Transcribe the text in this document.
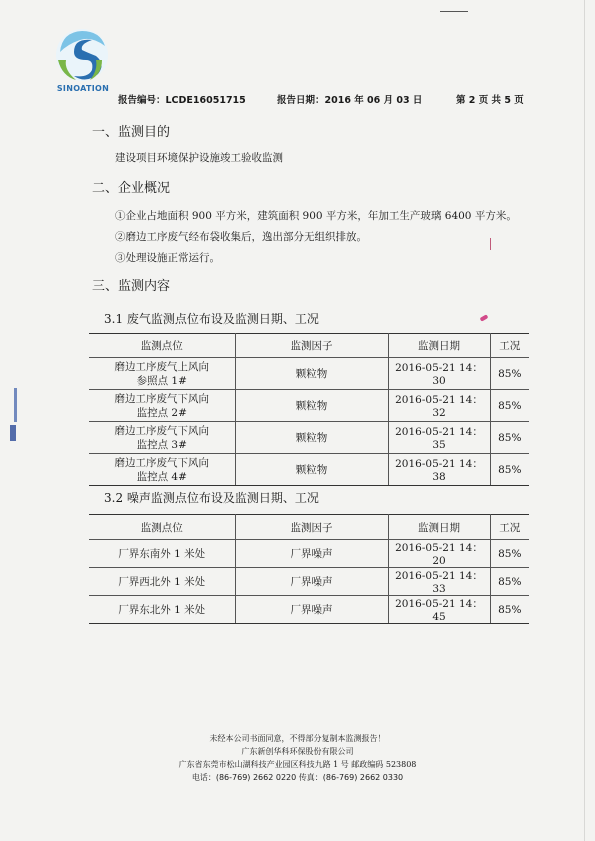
SINOATION
报告编号：LCDE16051715	报告日期：2016 年 06 月 03 日	第 2 页 共 5 页
一、监测目的
建设项目环境保护设施竣工验收监测
二、企业概况
①企业占地面积 900 平方米，建筑面积 900 平方米，年加工生产玻璃 6400 平方米。
②磨边工序废气经布袋收集后，逸出部分无组织排放。
③处理设施正常运行。
三、监测内容
3.1 废气监测点位布设及监测日期、工况
监测点位	监测因子	监测日期	工况

磨边工序废气上风向
参照点 1#	颗粒物	2016-05-21 14：30	85%

磨边工序废气下风向
监控点 2#	颗粒物	2016-05-21 14：32	85%

磨边工序废气下风向
监控点 3#	颗粒物	2016-05-21 14：35	85%

磨边工序废气下风向
监控点 4#	颗粒物	2016-05-21 14：38	85%
3.2 噪声监测点位布设及监测日期、工况
监测点位	监测因子	监测日期	工况
厂界东南外 1 米处	厂界噪声	2016-05-21 14：20	85%
厂界西北外 1 米处	厂界噪声	2016-05-21 14：33	85%
厂界东北外 1 米处	厂界噪声	2016-05-21 14：45	85%
未经本公司书面同意，不得部分复制本监测报告！
广东新创华科环保股份有限公司
广东省东莞市松山湖科技产业园区科技九路 1 号 邮政编码 523808
电话：(86-769) 2662 0220 传真：(86-769) 2662 0330
